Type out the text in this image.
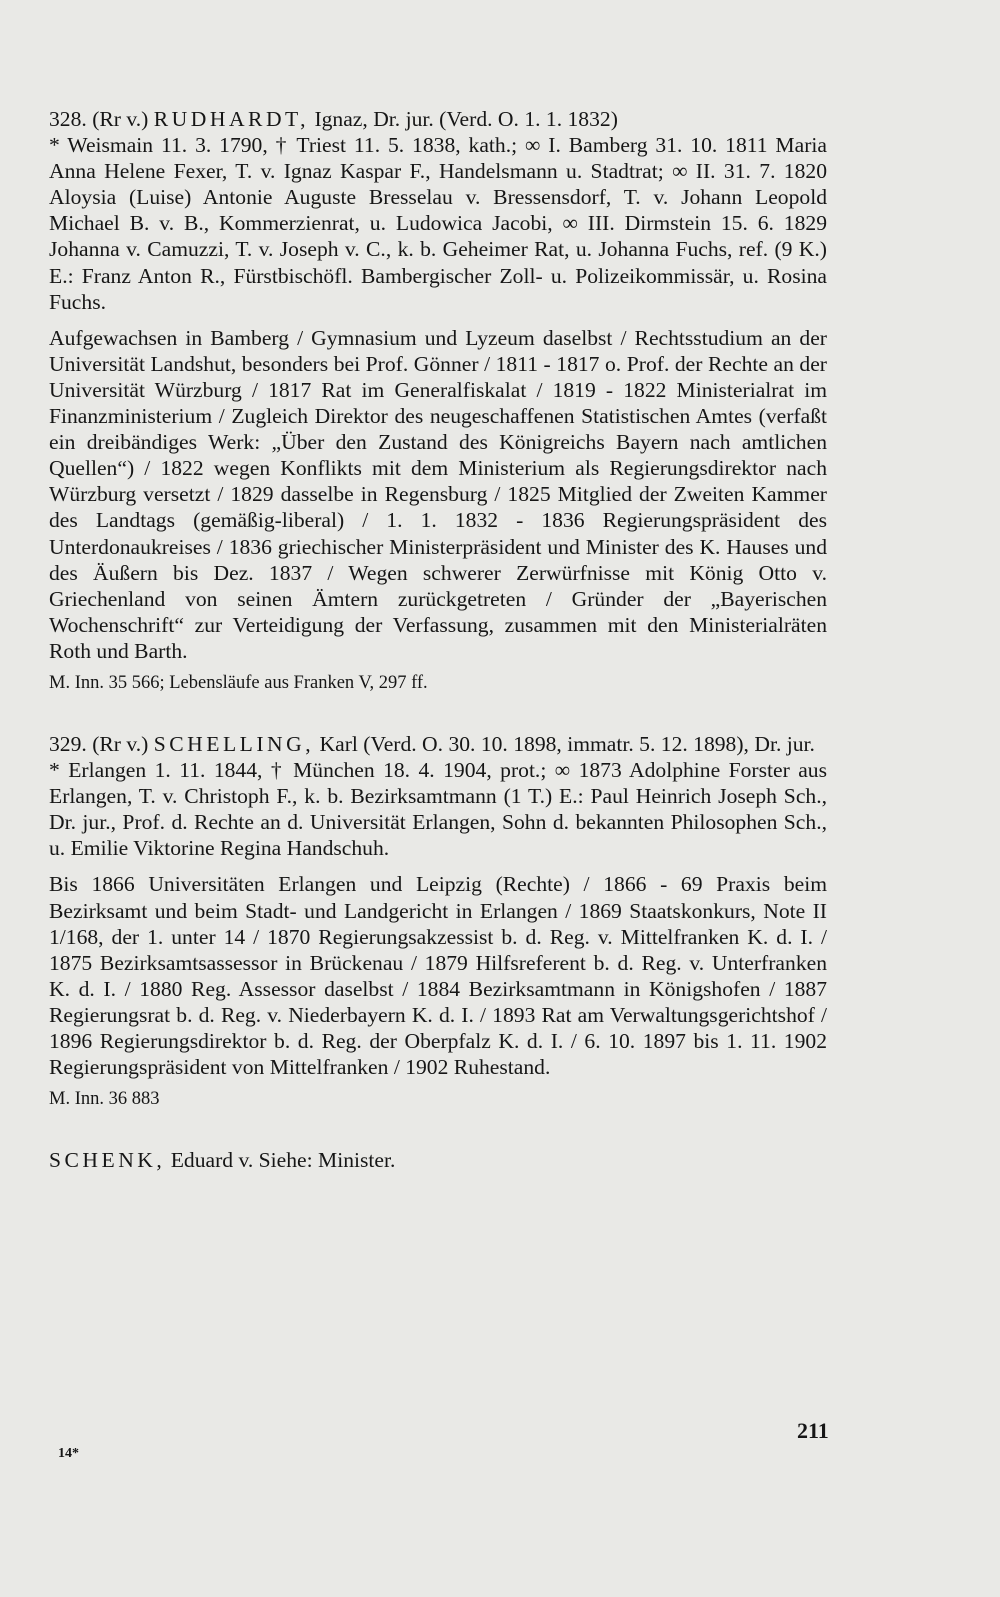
328. (Rr v.) RUDHARDT, Ignaz, Dr. jur. (Verd. O. 1. 1. 1832)
* Weismain 11. 3. 1790, † Triest 11. 5. 1838, kath.; ∞ I. Bamberg 31. 10. 1811 Maria Anna Helene Fexer, T. v. Ignaz Kaspar F., Handelsmann u. Stadtrat; ∞ II. 31. 7. 1820 Aloysia (Luise) Antonie Auguste Bresselau v. Bressensdorf, T. v. Johann Leopold Michael B. v. B., Kommerzienrat, u. Ludowica Jacobi, ∞ III. Dirmstein 15. 6. 1829 Johanna v. Camuzzi, T. v. Joseph v. C., k. b. Geheimer Rat, u. Johanna Fuchs, ref. (9 K.) E.: Franz Anton R., Fürstbischöfl. Bambergischer Zoll- u. Polizeikommissär, u. Rosina Fuchs.
Aufgewachsen in Bamberg / Gymnasium und Lyzeum daselbst / Rechtsstudium an der Universität Landshut, besonders bei Prof. Gönner / 1811 - 1817 o. Prof. der Rechte an der Universität Würzburg / 1817 Rat im Generalfiskalat / 1819 - 1822 Ministerialrat im Finanzministerium / Zugleich Direktor des neugeschaffenen Statistischen Amtes (verfaßt ein dreibändiges Werk: „Über den Zustand des Königreichs Bayern nach amtlichen Quellen“) / 1822 wegen Konflikts mit dem Ministerium als Regierungsdirektor nach Würzburg versetzt / 1829 dasselbe in Regensburg / 1825 Mitglied der Zweiten Kammer des Landtags (gemäßig-liberal) / 1. 1. 1832 - 1836 Regierungspräsident des Unterdonaukreises / 1836 griechischer Ministerpräsident und Minister des K. Hauses und des Äußern bis Dez. 1837 / Wegen schwerer Zerwürfnisse mit König Otto v. Griechenland von seinen Ämtern zurückgetreten / Gründer der „Bayerischen Wochenschrift“ zur Verteidigung der Verfassung, zusammen mit den Ministerialräten Roth und Barth.
M. Inn. 35 566; Lebensläufe aus Franken V, 297 ff.
329. (Rr v.) SCHELLING, Karl (Verd. O. 30. 10. 1898, immatr. 5. 12. 1898), Dr. jur.
* Erlangen 1. 11. 1844, † München 18. 4. 1904, prot.; ∞ 1873 Adolphine Forster aus Erlangen, T. v. Christoph F., k. b. Bezirksamtmann (1 T.) E.: Paul Heinrich Joseph Sch., Dr. jur., Prof. d. Rechte an d. Universität Erlangen, Sohn d. bekannten Philosophen Sch., u. Emilie Viktorine Regina Handschuh.
Bis 1866 Universitäten Erlangen und Leipzig (Rechte) / 1866 - 69 Praxis beim Bezirksamt und beim Stadt- und Landgericht in Erlangen / 1869 Staatskonkurs, Note II 1/168, der 1. unter 14 / 1870 Regierungsakzessist b. d. Reg. v. Mittelfranken K. d. I. / 1875 Bezirksamtsassessor in Brückenau / 1879 Hilfsreferent b. d. Reg. v. Unterfranken K. d. I. / 1880 Reg. Assessor daselbst / 1884 Bezirksamtmann in Königshofen / 1887 Regierungsrat b. d. Reg. v. Niederbayern K. d. I. / 1893 Rat am Verwaltungsgerichtshof / 1896 Regierungsdirektor b. d. Reg. der Oberpfalz K. d. I. / 6. 10. 1897 bis 1. 11. 1902 Regierungspräsident von Mittelfranken / 1902 Ruhestand.
M. Inn. 36 883
SCHENK, Eduard v. Siehe: Minister.
211
14*
